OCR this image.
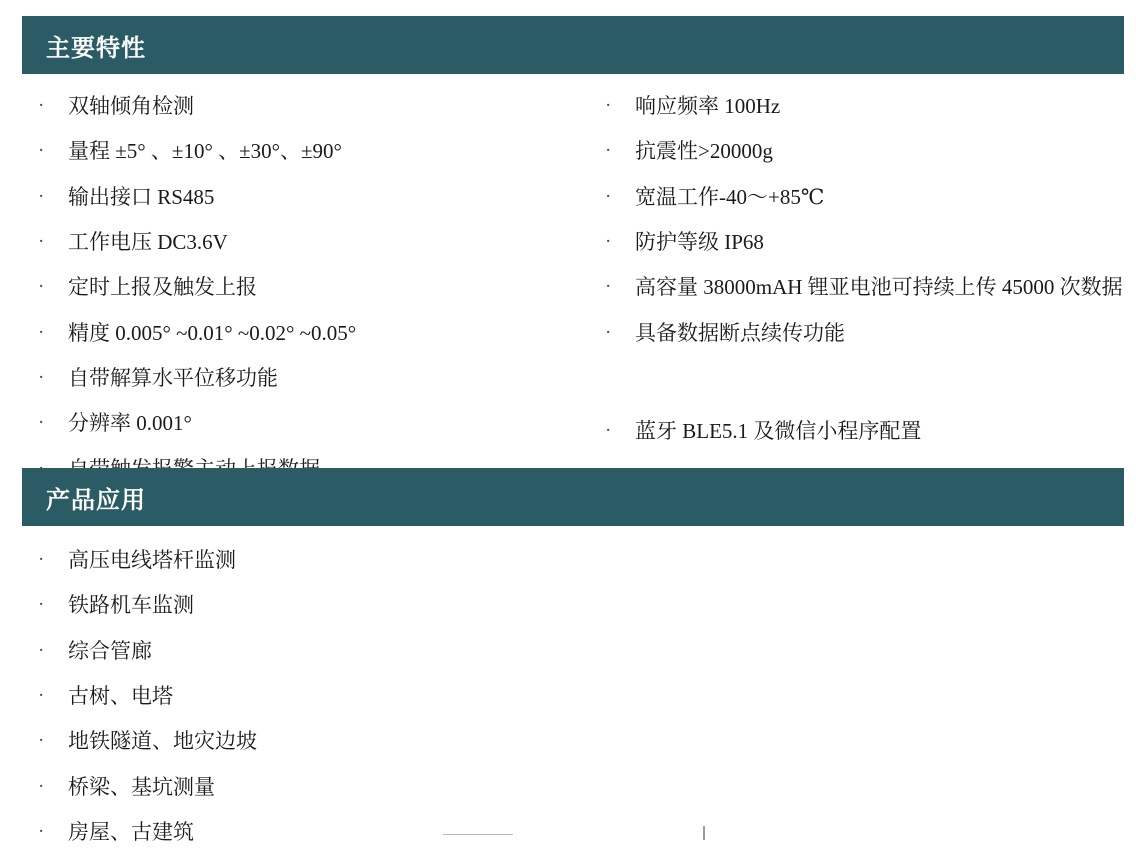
主要特性
·	双轴倾角检测
·	量程 ±5° 、±10° 、±30°、±90°
·	输出接口 RS485
·	工作电压 DC3.6V
·	定时上报及触发上报
·	精度 0.005° ~0.01° ~0.02° ~0.05°
·	自带解算水平位移功能
·	分辨率 0.001°
·	响应频率 100Hz
·	抗震性>20000g
·	宽温工作-40～+85℃
·	防护等级 IP68
·	高容量 38000mAH 锂亚电池可持续上传 45000 次数据
·	具备数据断点续传功能
·	蓝牙 BLE5.1 及微信小程序配置
产品应用
·	高压电线塔杆监测
·	铁路机车监测
·	综合管廊
·	古树、电塔
·	地铁隧道、地灾边坡
·	桥梁、基坑测量
·	房屋、古建筑
